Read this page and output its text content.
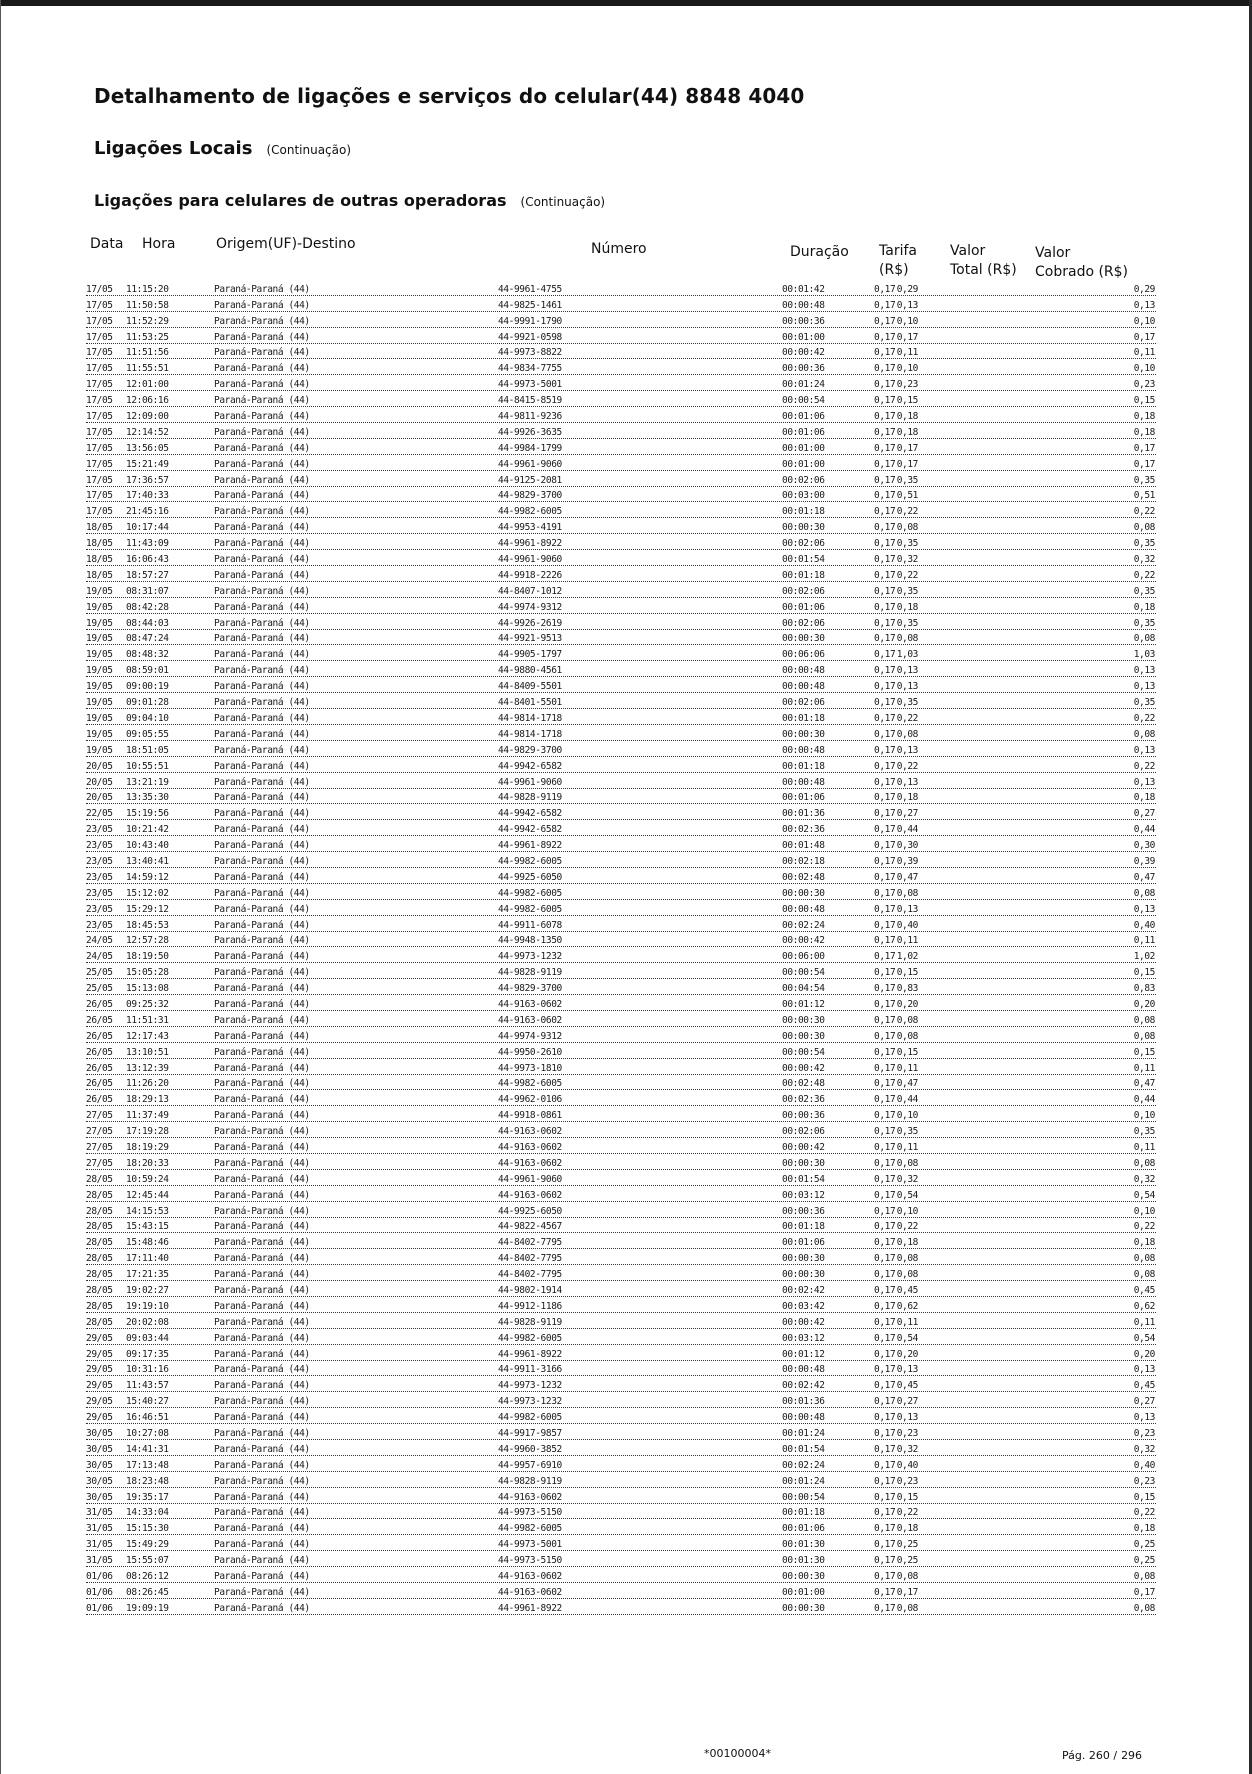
Detalhamento de ligações e serviços do celular(44) 8848 4040
Ligações Locais (Continuação)
Ligações para celulares de outras operadoras (Continuação)
Data Hora	Origem(UF)-Destino	Número	Duração Tarifa
(R$)
Valor
Total (R$)
Valor
Cobrado (R$)
17/05 11:15:20	Paraná-Paraná (44)	44-9961-4755	00:01:42	0,17 0,29	0,29
17/05 11:50:58	Paraná-Paraná (44)	44-9825-1461	00:00:48	0,17 0,13	0,13
17/05 11:52:29	Paraná-Paraná (44)	44-9991-1790	00:00:36	0,17 0,10	0,10
17/05 11:53:25	Paraná-Paraná (44)	44-9921-0598	00:01:00	0,17 0,17	0,17
17/05 11:51:56	Paraná-Paraná (44)	44-9973-8822	00:00:42	0,17 0,11	0,11
17/05 11:55:51	Paraná-Paraná (44)	44-9834-7755	00:00:36	0,17 0,10	0,10
17/05 12:01:00	Paraná-Paraná (44)	44-9973-5001	00:01:24	0,17 0,23	0,23
17/05 12:06:16	Paraná-Paraná (44)	44-8415-8519	00:00:54	0,17 0,15	0,15
17/05 12:09:00	Paraná-Paraná (44)	44-9811-9236	00:01:06	0,17 0,18	0,18
17/05 12:14:52	Paraná-Paraná (44)	44-9926-3635	00:01:06	0,17 0,18	0,18
17/05 13:56:05	Paraná-Paraná (44)	44-9984-1799	00:01:00	0,17 0,17	0,17
17/05 15:21:49	Paraná-Paraná (44)	44-9961-9060	00:01:00	0,17 0,17	0,17
17/05 17:36:57	Paraná-Paraná (44)	44-9125-2081	00:02:06	0,17 0,35	0,35
17/05 17:40:33	Paraná-Paraná (44)	44-9829-3700	00:03:00	0,17 0,51	0,51
17/05 21:45:16	Paraná-Paraná (44)	44-9982-6005	00:01:18	0,17 0,22	0,22
18/05 10:17:44	Paraná-Paraná (44)	44-9953-4191	00:00:30	0,17 0,08	0,08
18/05 11:43:09	Paraná-Paraná (44)	44-9961-8922	00:02:06	0,17 0,35	0,35
18/05 16:06:43	Paraná-Paraná (44)	44-9961-9060	00:01:54	0,17 0,32	0,32
18/05 18:57:27	Paraná-Paraná (44)	44-9918-2226	00:01:18	0,17 0,22	0,22
19/05 08:31:07	Paraná-Paraná (44)	44-8407-1012	00:02:06	0,17 0,35	0,35
19/05 08:42:28	Paraná-Paraná (44)	44-9974-9312	00:01:06	0,17 0,18	0,18
19/05 08:44:03	Paraná-Paraná (44)	44-9926-2619	00:02:06	0,17 0,35	0,35
19/05 08:47:24	Paraná-Paraná (44)	44-9921-9513	00:00:30	0,17 0,08	0,08
19/05 08:48:32	Paraná-Paraná (44)	44-9905-1797	00:06:06	0,17 1,03	1,03
19/05 08:59:01	Paraná-Paraná (44)	44-9880-4561	00:00:48	0,17 0,13	0,13
19/05 09:00:19	Paraná-Paraná (44)	44-8409-5501	00:00:48	0,17 0,13	0,13
19/05 09:01:28	Paraná-Paraná (44)	44-8401-5501	00:02:06	0,17 0,35	0,35
19/05 09:04:10	Paraná-Paraná (44)	44-9814-1718	00:01:18	0,17 0,22	0,22
19/05 09:05:55	Paraná-Paraná (44)	44-9814-1718	00:00:30	0,17 0,08	0,08
19/05 18:51:05	Paraná-Paraná (44)	44-9829-3700	00:00:48	0,17 0,13	0,13
20/05 10:55:51	Paraná-Paraná (44)	44-9942-6582	00:01:18	0,17 0,22	0,22
20/05 13:21:19	Paraná-Paraná (44)	44-9961-9060	00:00:48	0,17 0,13	0,13
20/05 13:35:30	Paraná-Paraná (44)	44-9828-9119	00:01:06	0,17 0,18	0,18
22/05 15:19:56	Paraná-Paraná (44)	44-9942-6582	00:01:36	0,17 0,27	0,27
23/05 10:21:42	Paraná-Paraná (44)	44-9942-6582	00:02:36	0,17 0,44	0,44
23/05 10:43:40	Paraná-Paraná (44)	44-9961-8922	00:01:48	0,17 0,30	0,30
23/05 13:40:41	Paraná-Paraná (44)	44-9982-6005	00:02:18	0,17 0,39	0,39
23/05 14:59:12	Paraná-Paraná (44)	44-9925-6050	00:02:48	0,17 0,47	0,47
23/05 15:12:02	Paraná-Paraná (44)	44-9982-6005	00:00:30	0,17 0,08	0,08
23/05 15:29:12	Paraná-Paraná (44)	44-9982-6005	00:00:48	0,17 0,13	0,13
23/05 18:45:53	Paraná-Paraná (44)	44-9911-6078	00:02:24	0,17 0,40	0,40
24/05 12:57:28	Paraná-Paraná (44)	44-9948-1350	00:00:42	0,17 0,11	0,11
24/05 18:19:50	Paraná-Paraná (44)	44-9973-1232	00:06:00	0,17 1,02	1,02
25/05 15:05:28	Paraná-Paraná (44)	44-9828-9119	00:00:54	0,17 0,15	0,15
25/05 15:13:08	Paraná-Paraná (44)	44-9829-3700	00:04:54	0,17 0,83	0,83
26/05 09:25:32	Paraná-Paraná (44)	44-9163-0602	00:01:12	0,17 0,20	0,20
26/05 11:51:31	Paraná-Paraná (44)	44-9163-0602	00:00:30	0,17 0,08	0,08
26/05 12:17:43	Paraná-Paraná (44)	44-9974-9312	00:00:30	0,17 0,08	0,08
26/05 13:10:51	Paraná-Paraná (44)	44-9950-2610	00:00:54	0,17 0,15	0,15
26/05 13:12:39	Paraná-Paraná (44)	44-9973-1810	00:00:42	0,17 0,11	0,11
26/05 11:26:20	Paraná-Paraná (44)	44-9982-6005	00:02:48	0,17 0,47	0,47
26/05 18:29:13	Paraná-Paraná (44)	44-9962-0106	00:02:36	0,17 0,44	0,44
27/05 11:37:49	Paraná-Paraná (44)	44-9918-0861	00:00:36	0,17 0,10	0,10
27/05 17:19:28	Paraná-Paraná (44)	44-9163-0602	00:02:06	0,17 0,35	0,35
27/05 18:19:29	Paraná-Paraná (44)	44-9163-0602	00:00:42	0,17 0,11	0,11
27/05 18:20:33	Paraná-Paraná (44)	44-9163-0602	00:00:30	0,17 0,08	0,08
28/05 10:59:24	Paraná-Paraná (44)	44-9961-9060	00:01:54	0,17 0,32	0,32
28/05 12:45:44	Paraná-Paraná (44)	44-9163-0602	00:03:12	0,17 0,54	0,54
28/05 14:15:53	Paraná-Paraná (44)	44-9925-6050	00:00:36	0,17 0,10	0,10
28/05 15:43:15	Paraná-Paraná (44)	44-9822-4567	00:01:18	0,17 0,22	0,22
28/05 15:48:46	Paraná-Paraná (44)	44-8402-7795	00:01:06	0,17 0,18	0,18
28/05 17:11:40	Paraná-Paraná (44)	44-8402-7795	00:00:30	0,17 0,08	0,08
28/05 17:21:35	Paraná-Paraná (44)	44-8402-7795	00:00:30	0,17 0,08	0,08
28/05 19:02:27	Paraná-Paraná (44)	44-9802-1914	00:02:42	0,17 0,45	0,45
28/05 19:19:10	Paraná-Paraná (44)	44-9912-1186	00:03:42	0,17 0,62	0,62
28/05 20:02:08	Paraná-Paraná (44)	44-9828-9119	00:00:42	0,17 0,11	0,11
29/05 09:03:44	Paraná-Paraná (44)	44-9982-6005	00:03:12	0,17 0,54	0,54
29/05 09:17:35	Paraná-Paraná (44)	44-9961-8922	00:01:12	0,17 0,20	0,20
29/05 10:31:16	Paraná-Paraná (44)	44-9911-3166	00:00:48	0,17 0,13	0,13
29/05 11:43:57	Paraná-Paraná (44)	44-9973-1232	00:02:42	0,17 0,45	0,45
29/05 15:40:27	Paraná-Paraná (44)	44-9973-1232	00:01:36	0,17 0,27	0,27
29/05 16:46:51	Paraná-Paraná (44)	44-9982-6005	00:00:48	0,17 0,13	0,13
30/05 10:27:08	Paraná-Paraná (44)	44-9917-9857	00:01:24	0,17 0,23	0,23
30/05 14:41:31	Paraná-Paraná (44)	44-9960-3852	00:01:54	0,17 0,32	0,32
30/05 17:13:48	Paraná-Paraná (44)	44-9957-6910	00:02:24	0,17 0,40	0,40
30/05 18:23:48	Paraná-Paraná (44)	44-9828-9119	00:01:24	0,17 0,23	0,23
30/05 19:35:17	Paraná-Paraná (44)	44-9163-0602	00:00:54	0,17 0,15	0,15
31/05 14:33:04	Paraná-Paraná (44)	44-9973-5150	00:01:18	0,17 0,22	0,22
31/05 15:15:30	Paraná-Paraná (44)	44-9982-6005	00:01:06	0,17 0,18	0,18
31/05 15:49:29	Paraná-Paraná (44)	44-9973-5001	00:01:30	0,17 0,25	0,25
31/05 15:55:07	Paraná-Paraná (44)	44-9973-5150	00:01:30	0,17 0,25	0,25
01/06 08:26:12	Paraná-Paraná (44)	44-9163-0602	00:00:30	0,17 0,08	0,08
01/06 08:26:45	Paraná-Paraná (44)	44-9163-0602	00:01:00	0,17 0,17	0,17
01/06 19:09:19	Paraná-Paraná (44)	44-9961-8922	00:00:30	0,17 0,08	0,08
*00100004*	Pág. 260 / 296
